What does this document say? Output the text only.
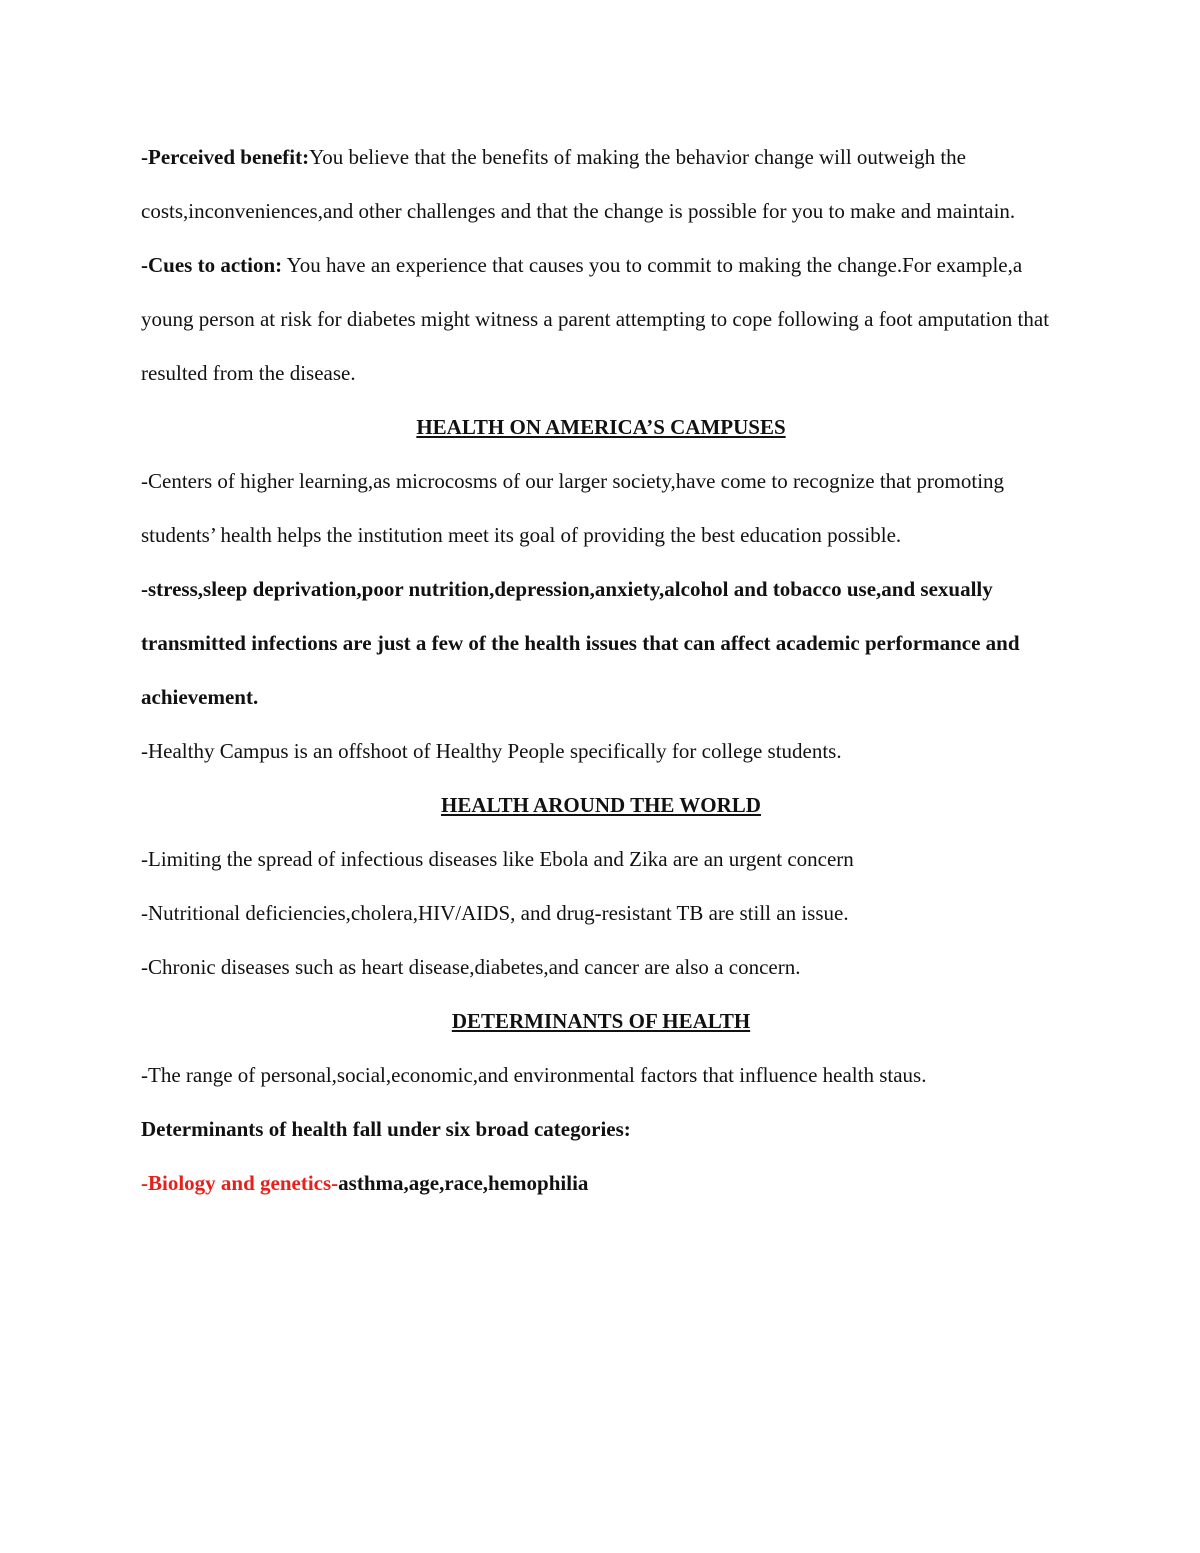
-Perceived benefit:You believe that the benefits of making the behavior change will outweigh the costs,inconveniences,and other challenges and that the change is possible for you to make and maintain.

-Cues to action: You have an experience that causes you to commit to making the change.For example,a young person at risk for diabetes might witness a parent attempting to cope following a foot amputation that resulted from the disease.

HEALTH ON AMERICA’S CAMPUSES

-Centers of higher learning,as microcosms of our larger society,have come to recognize that promoting students’ health helps the institution meet its goal of providing the best education possible.

-stress,sleep deprivation,poor nutrition,depression,anxiety,alcohol and tobacco use,and sexually transmitted infections are just a few of the health issues that can affect academic performance and achievement.

-Healthy Campus is an offshoot of Healthy People specifically for college students.

HEALTH AROUND THE WORLD

-Limiting the spread of infectious diseases like Ebola and Zika are an urgent concern

-Nutritional deficiencies,cholera,HIV/AIDS, and drug-resistant TB are still an issue.

-Chronic diseases such as heart disease,diabetes,and cancer are also a concern.

DETERMINANTS OF HEALTH

-The range of personal,social,economic,and environmental factors that influence health staus.

Determinants of health fall under six broad categories:

-Biology and genetics-asthma,age,race,hemophilia
